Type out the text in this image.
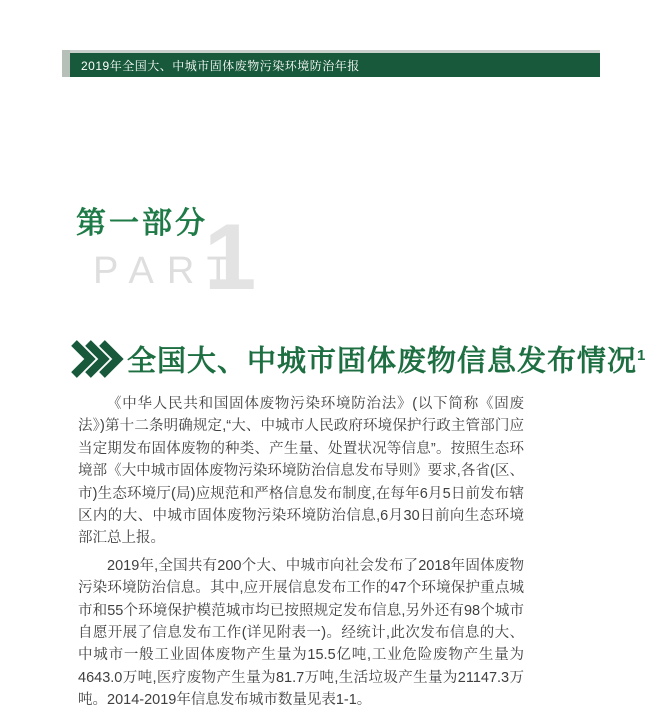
2019年全国大、中城市固体废物污染环境防治年报
第一部分
PART
1
全国大、中城市固体废物信息发布情况$^1$

《中华人民共和国固体废物污染环境防治法》(以下简称《固废法》)第十二条明确规定,“大、中城市人民政府环境保护行政主管部门应当定期发布固体废物的种类、产生量、处置状况等信息”。按照生态环境部《大中城市固体废物污染环境防治信息发布导则》要求,各省(区、市)生态环境厅(局)应规范和严格信息发布制度,在每年6月5日前发布辖区内的大、中城市固体废物污染环境防治信息,6月30日前向生态环境部汇总上报。

2019年,全国共有200个大、中城市向社会发布了2018年固体废物污染环境防治信息。其中,应开展信息发布工作的47个环境保护重点城市和55个环境保护模范城市均已按照规定发布信息,另外还有98个城市自愿开展了信息发布工作(详见附表一)。经统计,此次发布信息的大、中城市一般工业固体废物产生量为15.5亿吨,工业危险废物产生量为4643.0万吨,医疗废物产生量为81.7万吨,生活垃圾产生量为21147.3万吨。2014-2019年信息发布城市数量见表1-1。
